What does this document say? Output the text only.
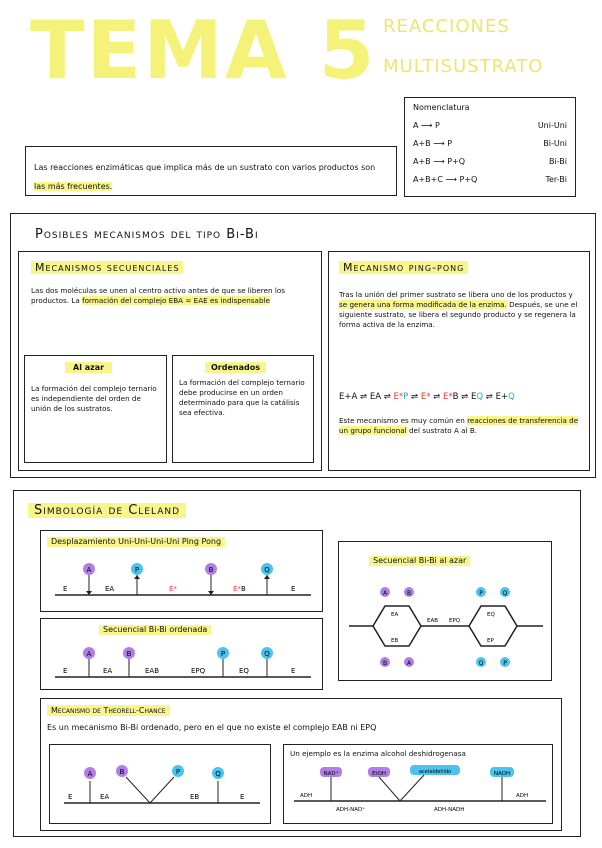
TEMA 5 REACCIONES
MULTISUSTRATO
Las reacciones enzimáticas que implica más de un sustrato con varios productos son las más frecuentes.
Nomenclatura
A ⟶ P	Uni-Uni
A+B ⟶ P	Bi-Uni
A+B ⟶ P+Q	Bi-Bi
A+B+C ⟶ P+Q	Ter-Bi
Posibles mecanismos del tipo Bi-Bi
Mecanismos secuenciales
Las dos moléculas se unen al centro activo antes de que se liberen los productos. La formación del complejo EBA = EAE es indispensable
Al azar
La formación del complejo ternario es independiente del orden de unión de los sustratos.
Ordenados
La formación del complejo ternario debe producirse en un orden determinado para que la catálisis sea efectiva.
Mecanismo ping-pong
Tras la unión del primer sustrato se libera uno de los productos y se genera una forma modificada de la enzima. Después, se une el siguiente sustrato, se libera el segundo producto y se regenera la forma activa de la enzima.
E+A ⇌ EA ⇌ E*P ⇌ E* ⇌ E*B ⇌ EQ ⇌ E+Q
Este mecanismo es muy común en reacciones de transferencia de un grupo funcional del sustrato A al B.
Simbología de Cleland
Desplazamiento Uni-Uni-Uni-Uni Ping Pong
A	P	B	Q
E	EA	E*	E*B	E
Secuencial Bi-Bi ordenada
A	B	P	Q
E	EA	EAB	EPQ	EQ	E
Secuencial Bi-Bi al azar
A	B
B	A
P	Q
Q	P
EA
EB
EAB EPQ
EQ
EP
Mecanismo de Theorell-Chance
Es un mecanismo Bi-Bi ordenado, pero en el que no existe el complejo EAB ni EPQ
A	B	P	Q
E	EA	EB	E
Un ejemplo es la enzima alcohol deshidrogenasa
NAD⁺	EtOH	acetaldehído	NADH
ADH
ADH-NAD⁺	ADH-NADH
ADH
